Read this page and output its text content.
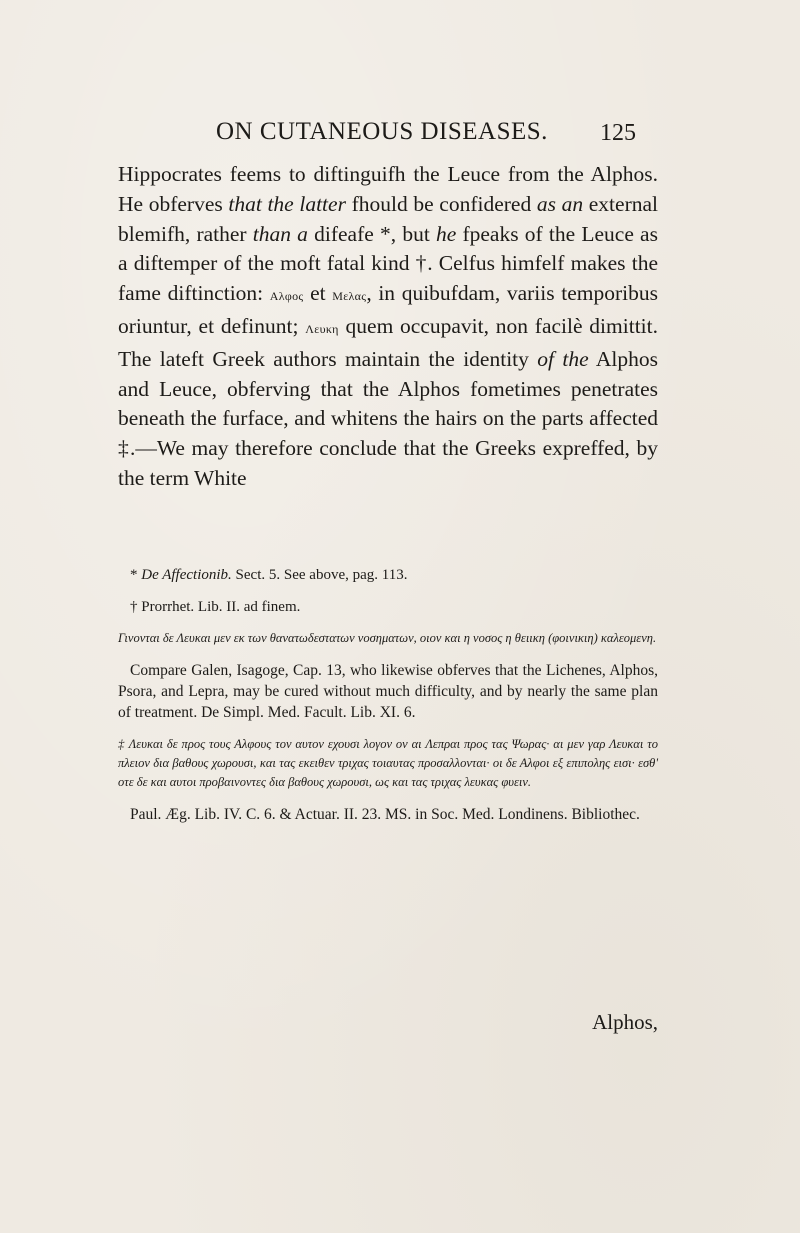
ON CUTANEOUS DISEASES. 125

Hippocrates feems to diftinguifh the Leuce from the Alphos. He obferves that the latter fhould be confidered as an external blemifh, rather than a difeafe *, but he fpeaks of the Leuce as a diftemper of the moft fatal kind †. Celfus himfelf makes the fame diftinction: Αλφος et Μελας, in quibufdam, variis temporibus oriuntur, et definunt; Λευκη quem occupavit, non facilè dimittit. The lateft Greek authors maintain the identity of the Alphos and Leuce, obferving that the Alphos fometimes penetrates beneath the furface, and whitens the hairs on the parts affected ‡.—We may therefore conclude that the Greeks expreffed, by the term White

* De Affectionib. Sect. 5. See above, pag. 113.

† Prorrhet. Lib. II. ad finem.

Γινονται δε Λευκαι μεν εκ των θανατωδεστατων νοσηματων, οιον και η νοσος η θειικη (φοινικιη) καλεομενη.

Compare Galen, Isagoge, Cap. 13, who likewise obferves that the Lichenes, Alphos, Psora, and Lepra, may be cured without much difficulty, and by nearly the same plan of treatment. De Simpl. Med. Facult. Lib. XI. 6.

‡ Λευκαι δε προς τους Αλφους τον αυτον εχουσι λογον ον αι Λεπραι προς τας Ψωρας· αι μεν γαρ Λευκαι το πλειον δια βαθους χωρουσι, και τας εκειθεν τριχας τοιαυτας προσαλλονται· οι δε Αλφοι εξ επιπολης εισι· εσθ' οτε δε και αυτοι προβαινοντες δια βαθους χωρουσι, ως και τας τριχας λευκας φυειν.

Paul. Æg. Lib. IV. C. 6. & Actuar. II. 23. MS. in Soc. Med. Londinens. Bibliothec.

Alphos,
